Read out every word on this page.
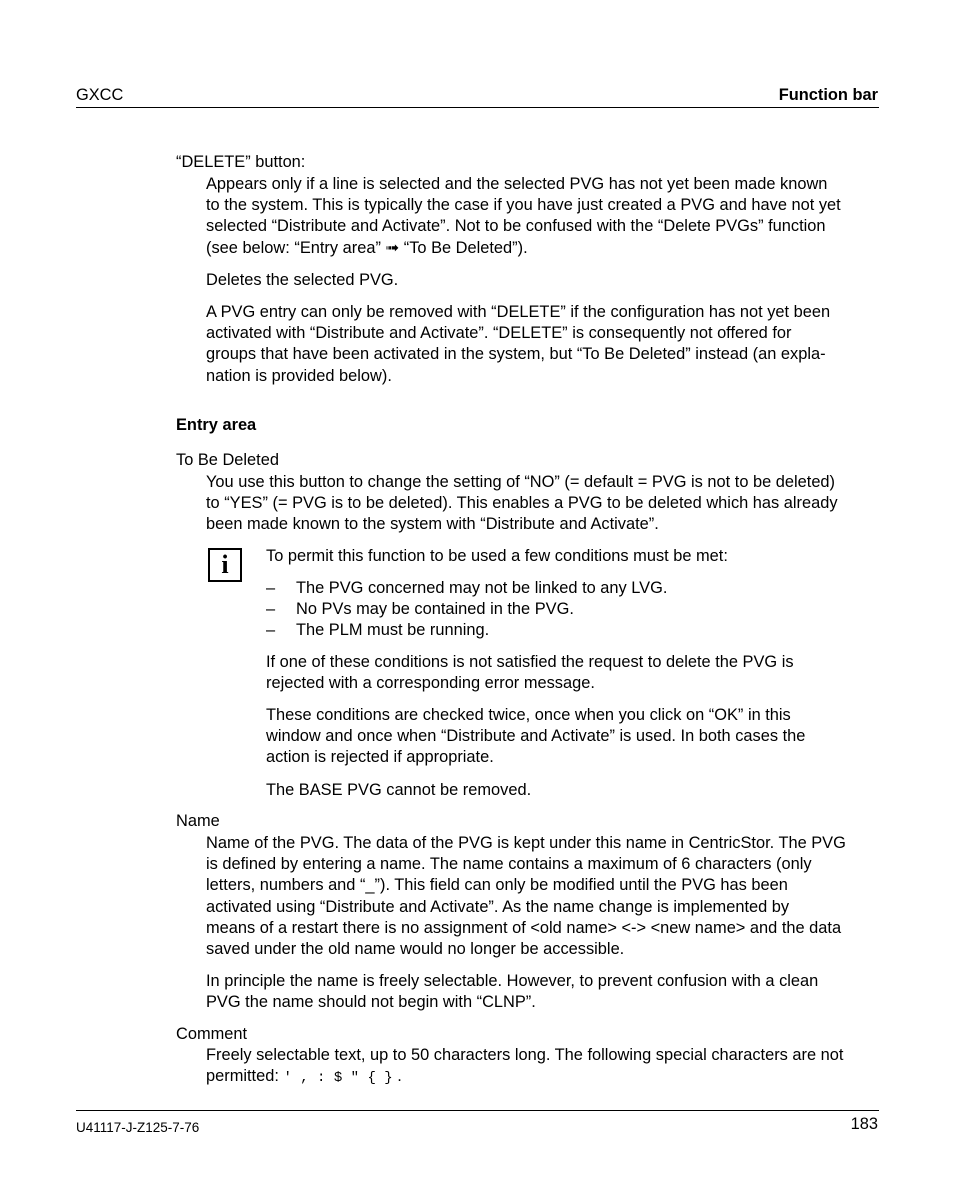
GXCC	Function bar
“DELETE” button:
Appears only if a line is selected and the selected PVG has not yet been made known
to the system. This is typically the case if you have just created a PVG and have not yet
selected “Distribute and Activate”. Not to be confused with the “Delete PVGs” function
(see below: “Entry area” ➟ “To Be Deleted”).
Deletes the selected PVG.
A PVG entry can only be removed with “DELETE” if the configuration has not yet been
activated with “Distribute and Activate”. “DELETE” is consequently not offered for
groups that have been activated in the system, but “To Be Deleted” instead (an expla-
nation is provided below).
Entry area
To Be Deleted
You use this button to change the setting of “NO” (= default = PVG is not to be deleted)
to “YES” (= PVG is to be deleted). This enables a PVG to be deleted which has already
been made known to the system with “Distribute and Activate”.
i	To permit this function to be used a few conditions must be met:
– The PVG concerned may not be linked to any LVG.
– No PVs may be contained in the PVG.
– The PLM must be running.
If one of these conditions is not satisfied the request to delete the PVG is
rejected with a corresponding error message.
These conditions are checked twice, once when you click on “OK” in this
window and once when “Distribute and Activate” is used. In both cases the
action is rejected if appropriate.
The BASE PVG cannot be removed.
Name
Name of the PVG. The data of the PVG is kept under this name in CentricStor. The PVG
is defined by entering a name. The name contains a maximum of 6 characters (only
letters, numbers and “_”). This field can only be modified until the PVG has been
activated using “Distribute and Activate”. As the name change is implemented by
means of a restart there is no assignment of <old name> <-> <new name> and the data
saved under the old name would no longer be accessible.
In principle the name is freely selectable. However, to prevent confusion with a clean
PVG the name should not begin with “CLNP”.
Comment
Freely selectable text, up to 50 characters long. The following special characters are not
permitted: ' , : $ " { } .
U41117-J-Z125-7-76	183
